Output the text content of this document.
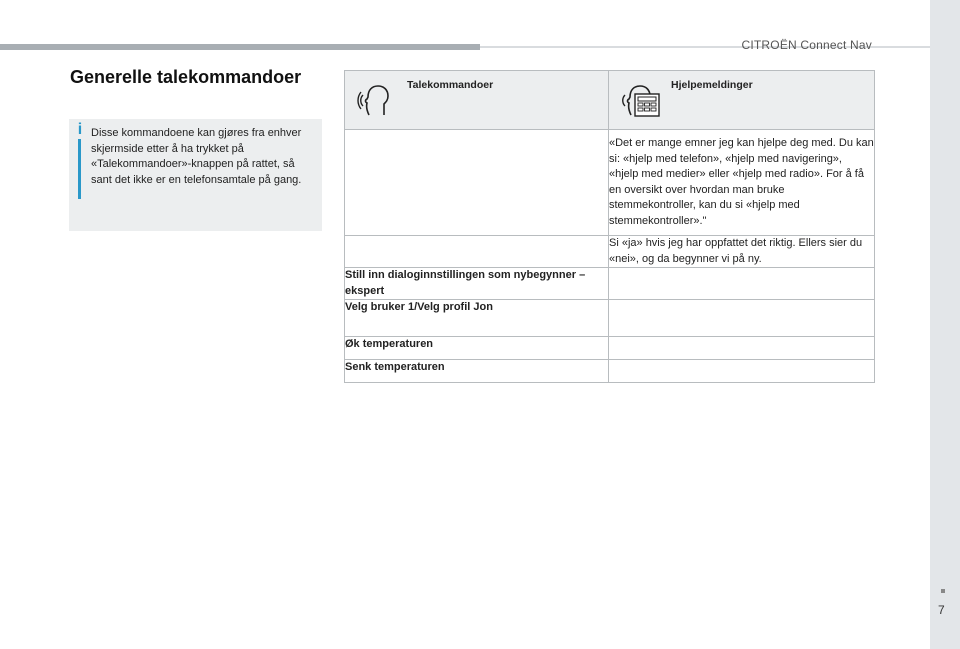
CITROËN Connect Nav
7
Generelle talekommandoer
i Disse kommandoene kan gjøres fra enhver skjermside etter å ha trykket på «Talekommandoer»-knappen på rattet, så sant det ikke er en telefonsamtale på gang.
Talekommandoer	Hjelpemeldinger

	«Det er mange emner jeg kan hjelpe deg med. Du kan si: «hjelp med telefon», «hjelp med navigering», «hjelp med medier» eller «hjelp med radio». For å få en oversikt over hvordan man bruke stemmekontroller, kan du si «hjelp med stemmekontroller»."
	Si «ja» hvis jeg har oppfattet det riktig. Ellers sier du «nei», og da begynner vi på ny.
Still inn dialoginnstillingen som nybegynner – ekspert	
Velg bruker 1/Velg profil Jon	
Øk temperaturen	
Senk temperaturen	
